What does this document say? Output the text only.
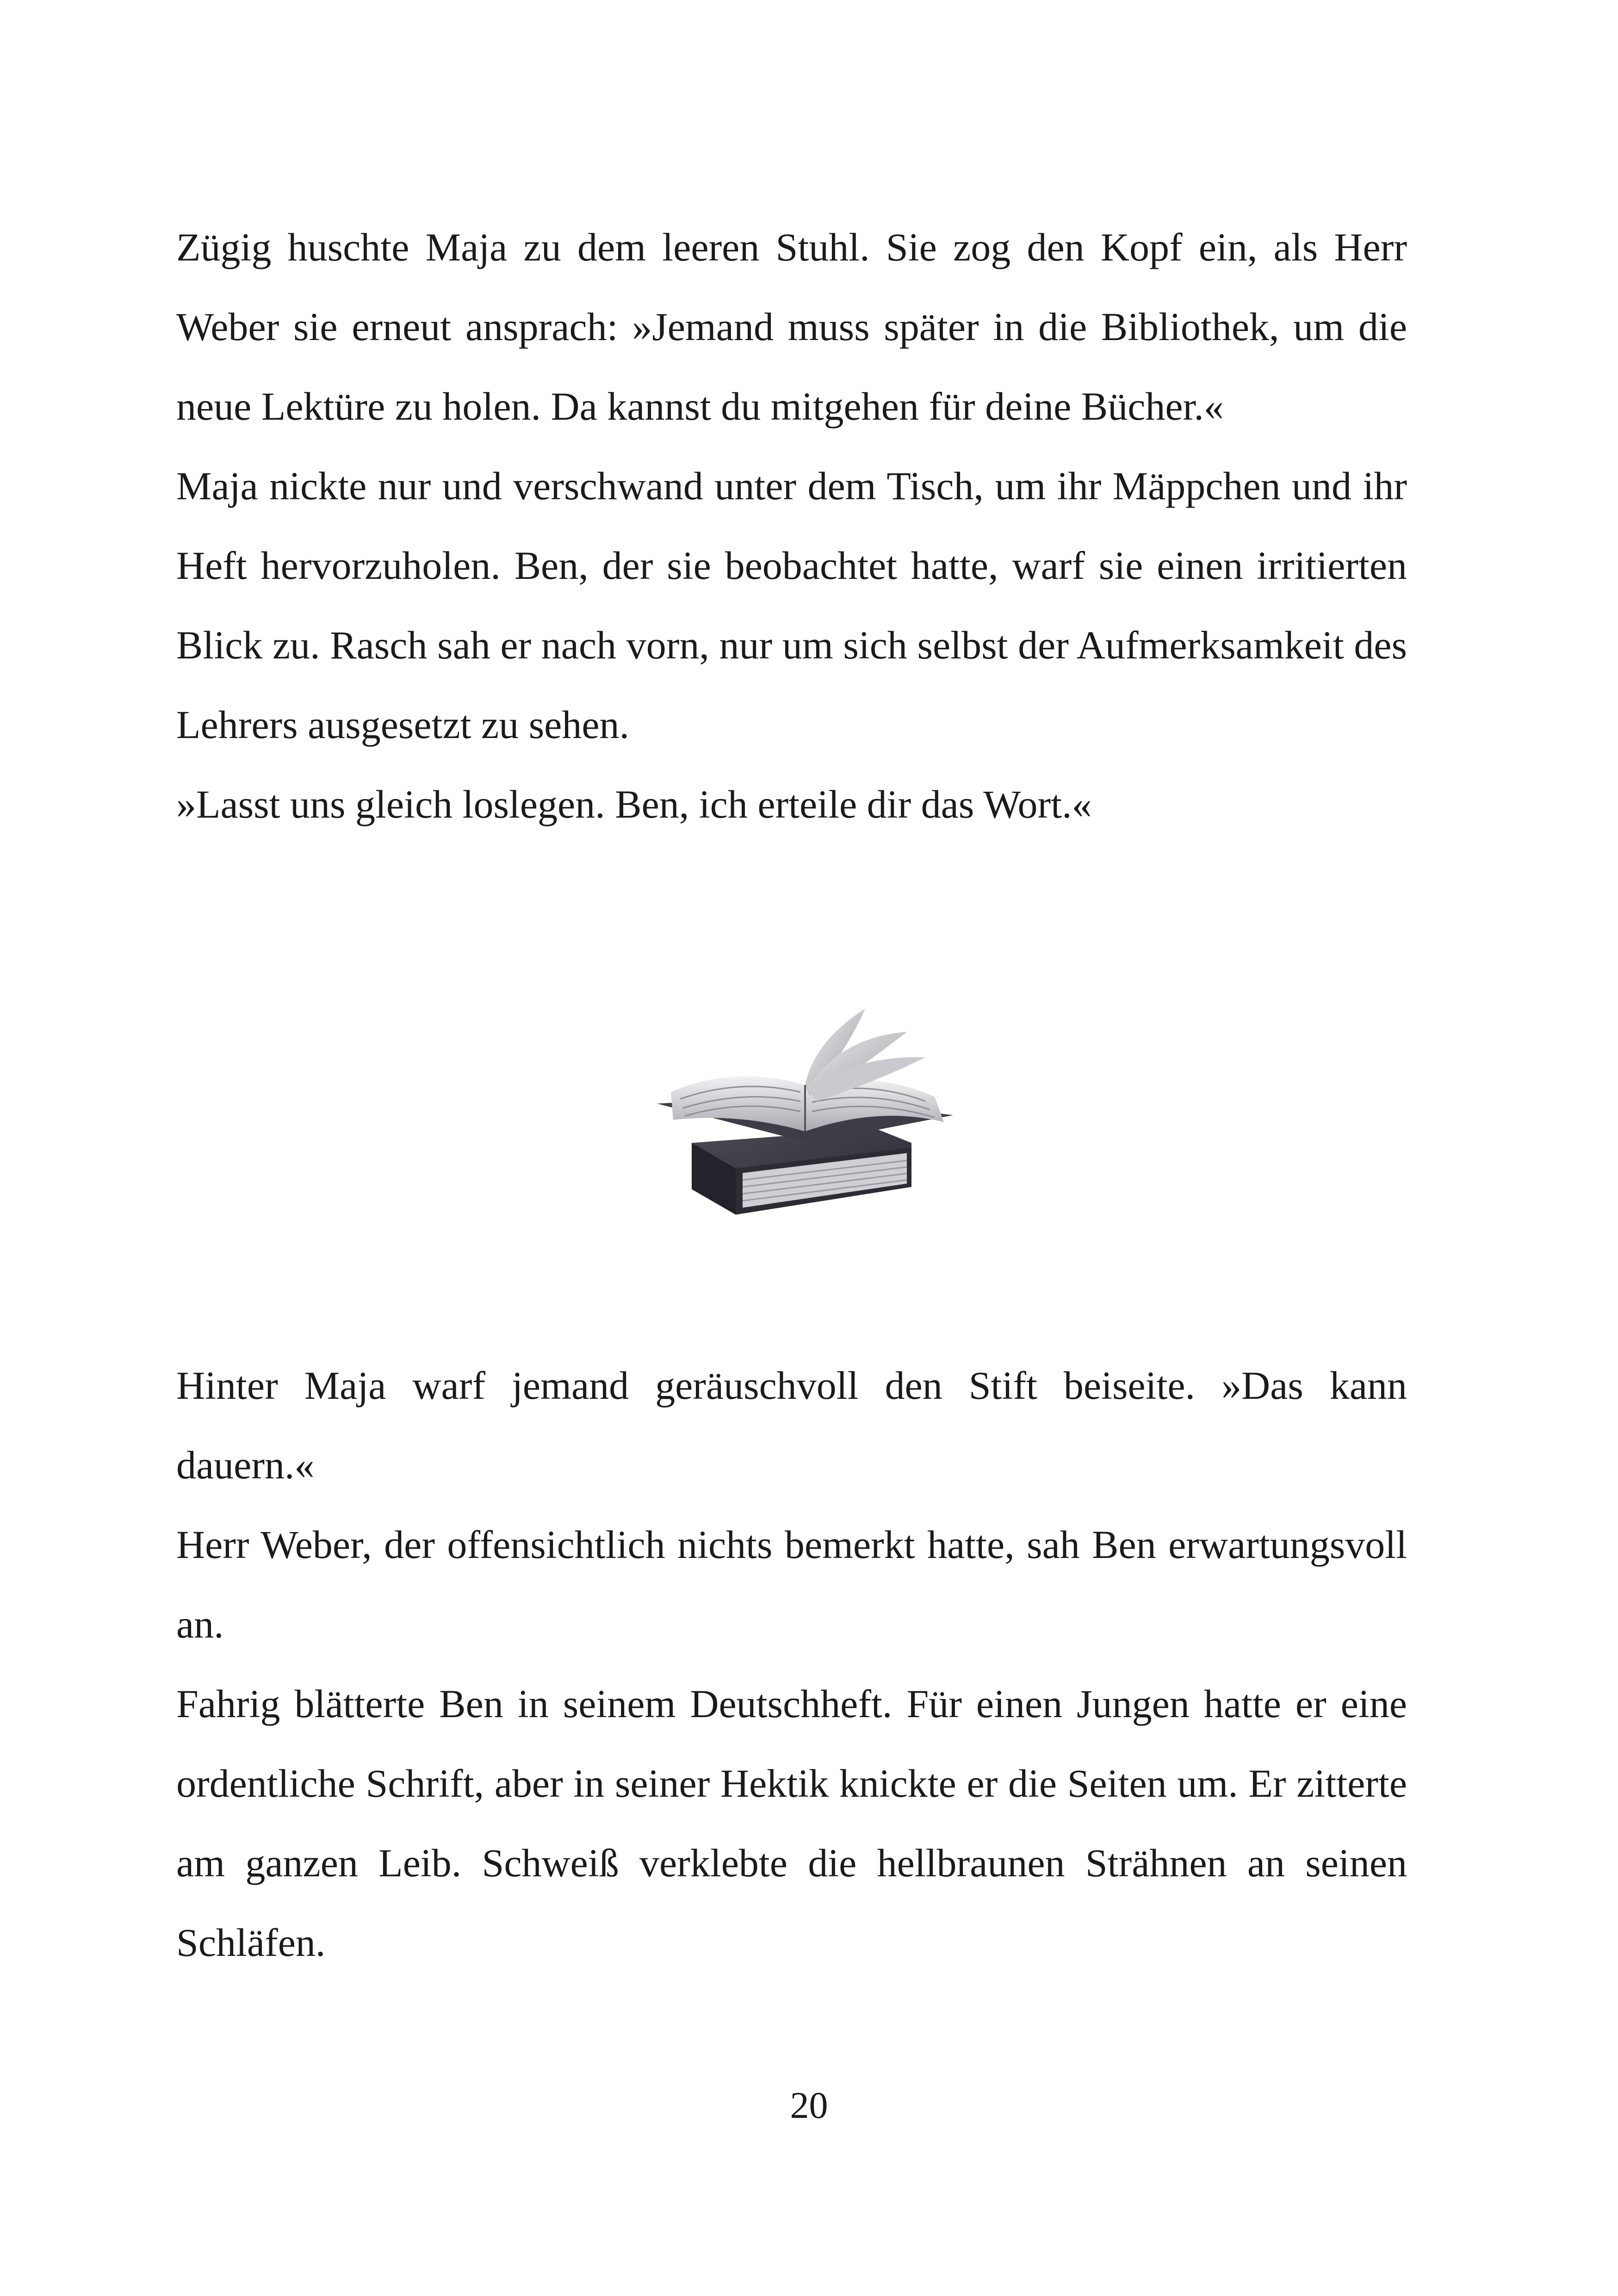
Zügig huschte Maja zu dem leeren Stuhl. Sie zog den Kopf ein, als Herr Weber sie erneut ansprach: »Jemand muss später in die Bibliothek, um die neue Lektüre zu holen. Da kannst du mitgehen für deine Bücher.«

Maja nickte nur und verschwand unter dem Tisch, um ihr Mäppchen und ihr Heft hervorzuholen. Ben, der sie beobachtet hatte, warf sie einen irritierten Blick zu. Rasch sah er nach vorn, nur um sich selbst der Aufmerksamkeit des Lehrers ausgesetzt zu sehen.

»Lasst uns gleich loslegen. Ben, ich erteile dir das Wort.«

Hinter Maja warf jemand geräuschvoll den Stift beiseite. »Das kann dauern.«

Herr Weber, der offensichtlich nichts bemerkt hatte, sah Ben erwartungsvoll an.

Fahrig blätterte Ben in seinem Deutschheft. Für einen Jungen hatte er eine ordentliche Schrift, aber in seiner Hektik knickte er die Seiten um. Er zitterte am ganzen Leib. Schweiß verklebte die hellbraunen Strähnen an seinen Schläfen.

20
